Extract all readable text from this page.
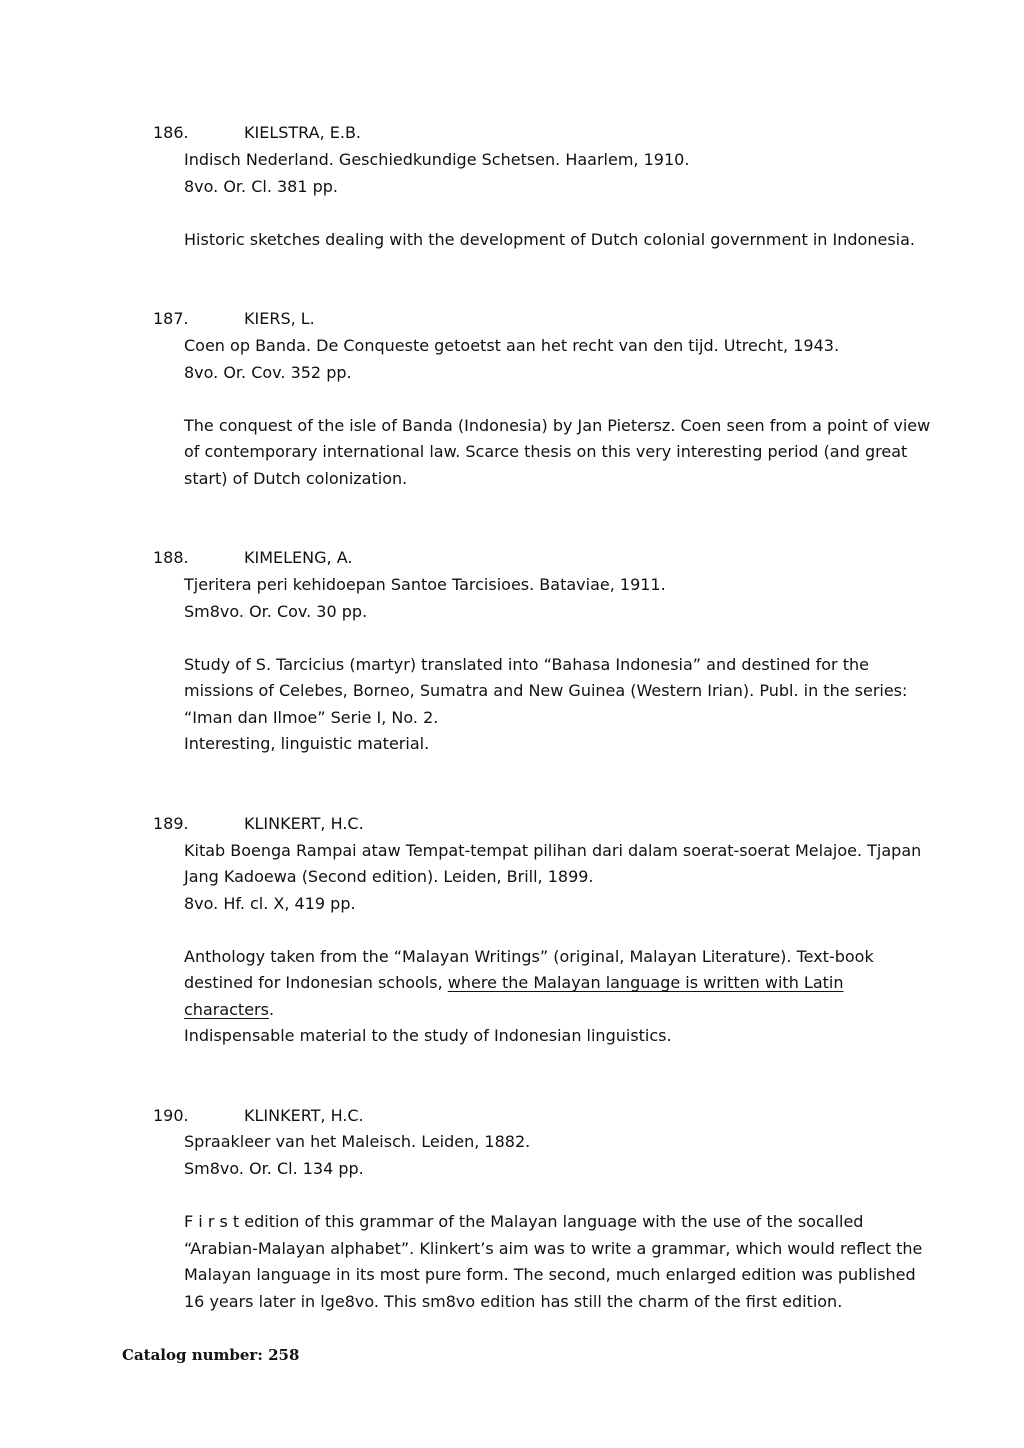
186.	KIELSTRA, E.B.
Indisch Nederland. Geschiedkundige Schetsen. Haarlem, 1910.
8vo. Or. Cl. 381 pp.
Historic sketches dealing with the development of Dutch colonial government in Indonesia.
187.	KIERS, L.
Coen op Banda. De Conqueste getoetst aan het recht van den tijd. Utrecht, 1943.
8vo. Or. Cov. 352 pp.
The conquest of the isle of Banda (Indonesia) by Jan Pietersz. Coen seen from a point of view
of contemporary international law. Scarce thesis on this very interesting period (and great
start) of Dutch colonization.
188.	KIMELENG, A.
Tjeritera peri kehidoepan Santoe Tarcisioes. Bataviae, 1911.
Sm8vo. Or. Cov. 30 pp.
Study of S. Tarcicius (martyr) translated into “Bahasa Indonesia” and destined for the
missions of Celebes, Borneo, Sumatra and New Guinea (Western Irian). Publ. in the series:
“Iman dan Ilmoe” Serie I, No. 2.
Interesting, linguistic material.
189.	KLINKERT, H.C.
Kitab Boenga Rampai ataw Tempat-tempat pilihan dari dalam soerat-soerat Melajoe. Tjapan
Jang Kadoewa (Second edition). Leiden, Brill, 1899.
8vo. Hf. cl. X, 419 pp.
Anthology taken from the “Malayan Writings” (original, Malayan Literature). Text-book
destined for Indonesian schools, where the Malayan language is written with Latin
characters.
Indispensable material to the study of Indonesian linguistics.
190.	KLINKERT, H.C.
Spraakleer van het Maleisch. Leiden, 1882.
Sm8vo. Or. Cl. 134 pp.
F i r s t edition of this grammar of the Malayan language with the use of the socalled
“Arabian-Malayan alphabet”. Klinkert’s aim was to write a grammar, which would reflect the
Malayan language in its most pure form. The second, much enlarged edition was published
16 years later in lge8vo. This sm8vo edition has still the charm of the first edition.
Catalog number: 258
